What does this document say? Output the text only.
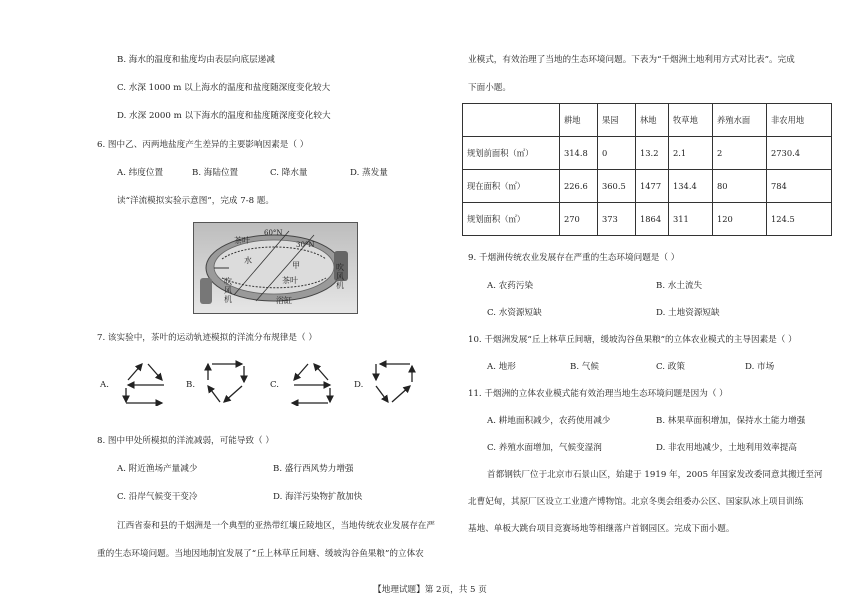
B. 海水的温度和盐度均由表层向底层递减
C. 水深 1000 m 以上海水的温度和盐度随深度变化较大
D. 水深 2000 m 以下海水的温度和盐度随深度变化较大
6. 图中乙、丙两地盐度产生差异的主要影响因素是（ ）
A. 纬度位置	B. 海陆位置	C. 降水量	D. 蒸发量
读“洋流模拟实验示意图”，完成 7-8 题。
茶叶
60°N
30°N
水
甲
茶叶
浴缸
吹风机
吹风机
7. 该实验中，茶叶的运动轨迹模拟的洋流分布规律是（ ）
A.	B.	C.	D.
8. 图中甲处所模拟的洋流减弱，可能导致（ ）
A. 附近渔场产量减少	B. 盛行西风势力增强
C. 沿岸气候变干变冷	D. 海洋污染物扩散加快
江西省泰和县的千烟洲是一个典型的亚热带红壤丘陵地区，当地传统农业发展存在严
重的生态环境问题。当地因地制宜发展了“丘上林草丘间塘、缓坡沟谷鱼果粮”的立体农
业模式，有效治理了当地的生态环境问题。下表为“千烟洲土地利用方式对比表”。完成
下面小题。
	耕地	果园	林地	牧草地	养殖水面	非农用地
规划前面积（㎡）	314.8	0	13.2	2.1	2	2730.4
现在面积（㎡）	226.6	360.5	1477	134.4	80	784
规划面积（㎡）	270	373	1864	311	120	124.5
9. 千烟洲传统农业发展存在严重的生态环境问题是（ ）
A. 农药污染	B. 水土流失
C. 水资源短缺	D. 土地资源短缺
10. 千烟洲发展“丘上林草丘间塘，缓坡沟谷鱼果粮”的立体农业模式的主导因素是（ ）
A. 地形	B. 气候	C. 政策	D. 市场
11. 千烟洲的立体农业模式能有效治理当地生态环境问题是因为（ ）
A. 耕地面积减少，农药使用减少	B. 林果草面积增加，保持水土能力增强
C. 养殖水面增加，气候变湿润	D. 非农用地减少，土地利用效率提高
首都钢铁厂位于北京市石景山区，始建于 1919 年，2005 年国家发改委同意其搬迁至河
北曹妃甸，其原厂区设立工业遗产博物馆。北京冬奥会组委办公区、国家队冰上项目训练
基地、单板大跳台项目竞赛场地等相继落户首钢园区。完成下面小题。
【地理试题】第 2页，共 5 页
